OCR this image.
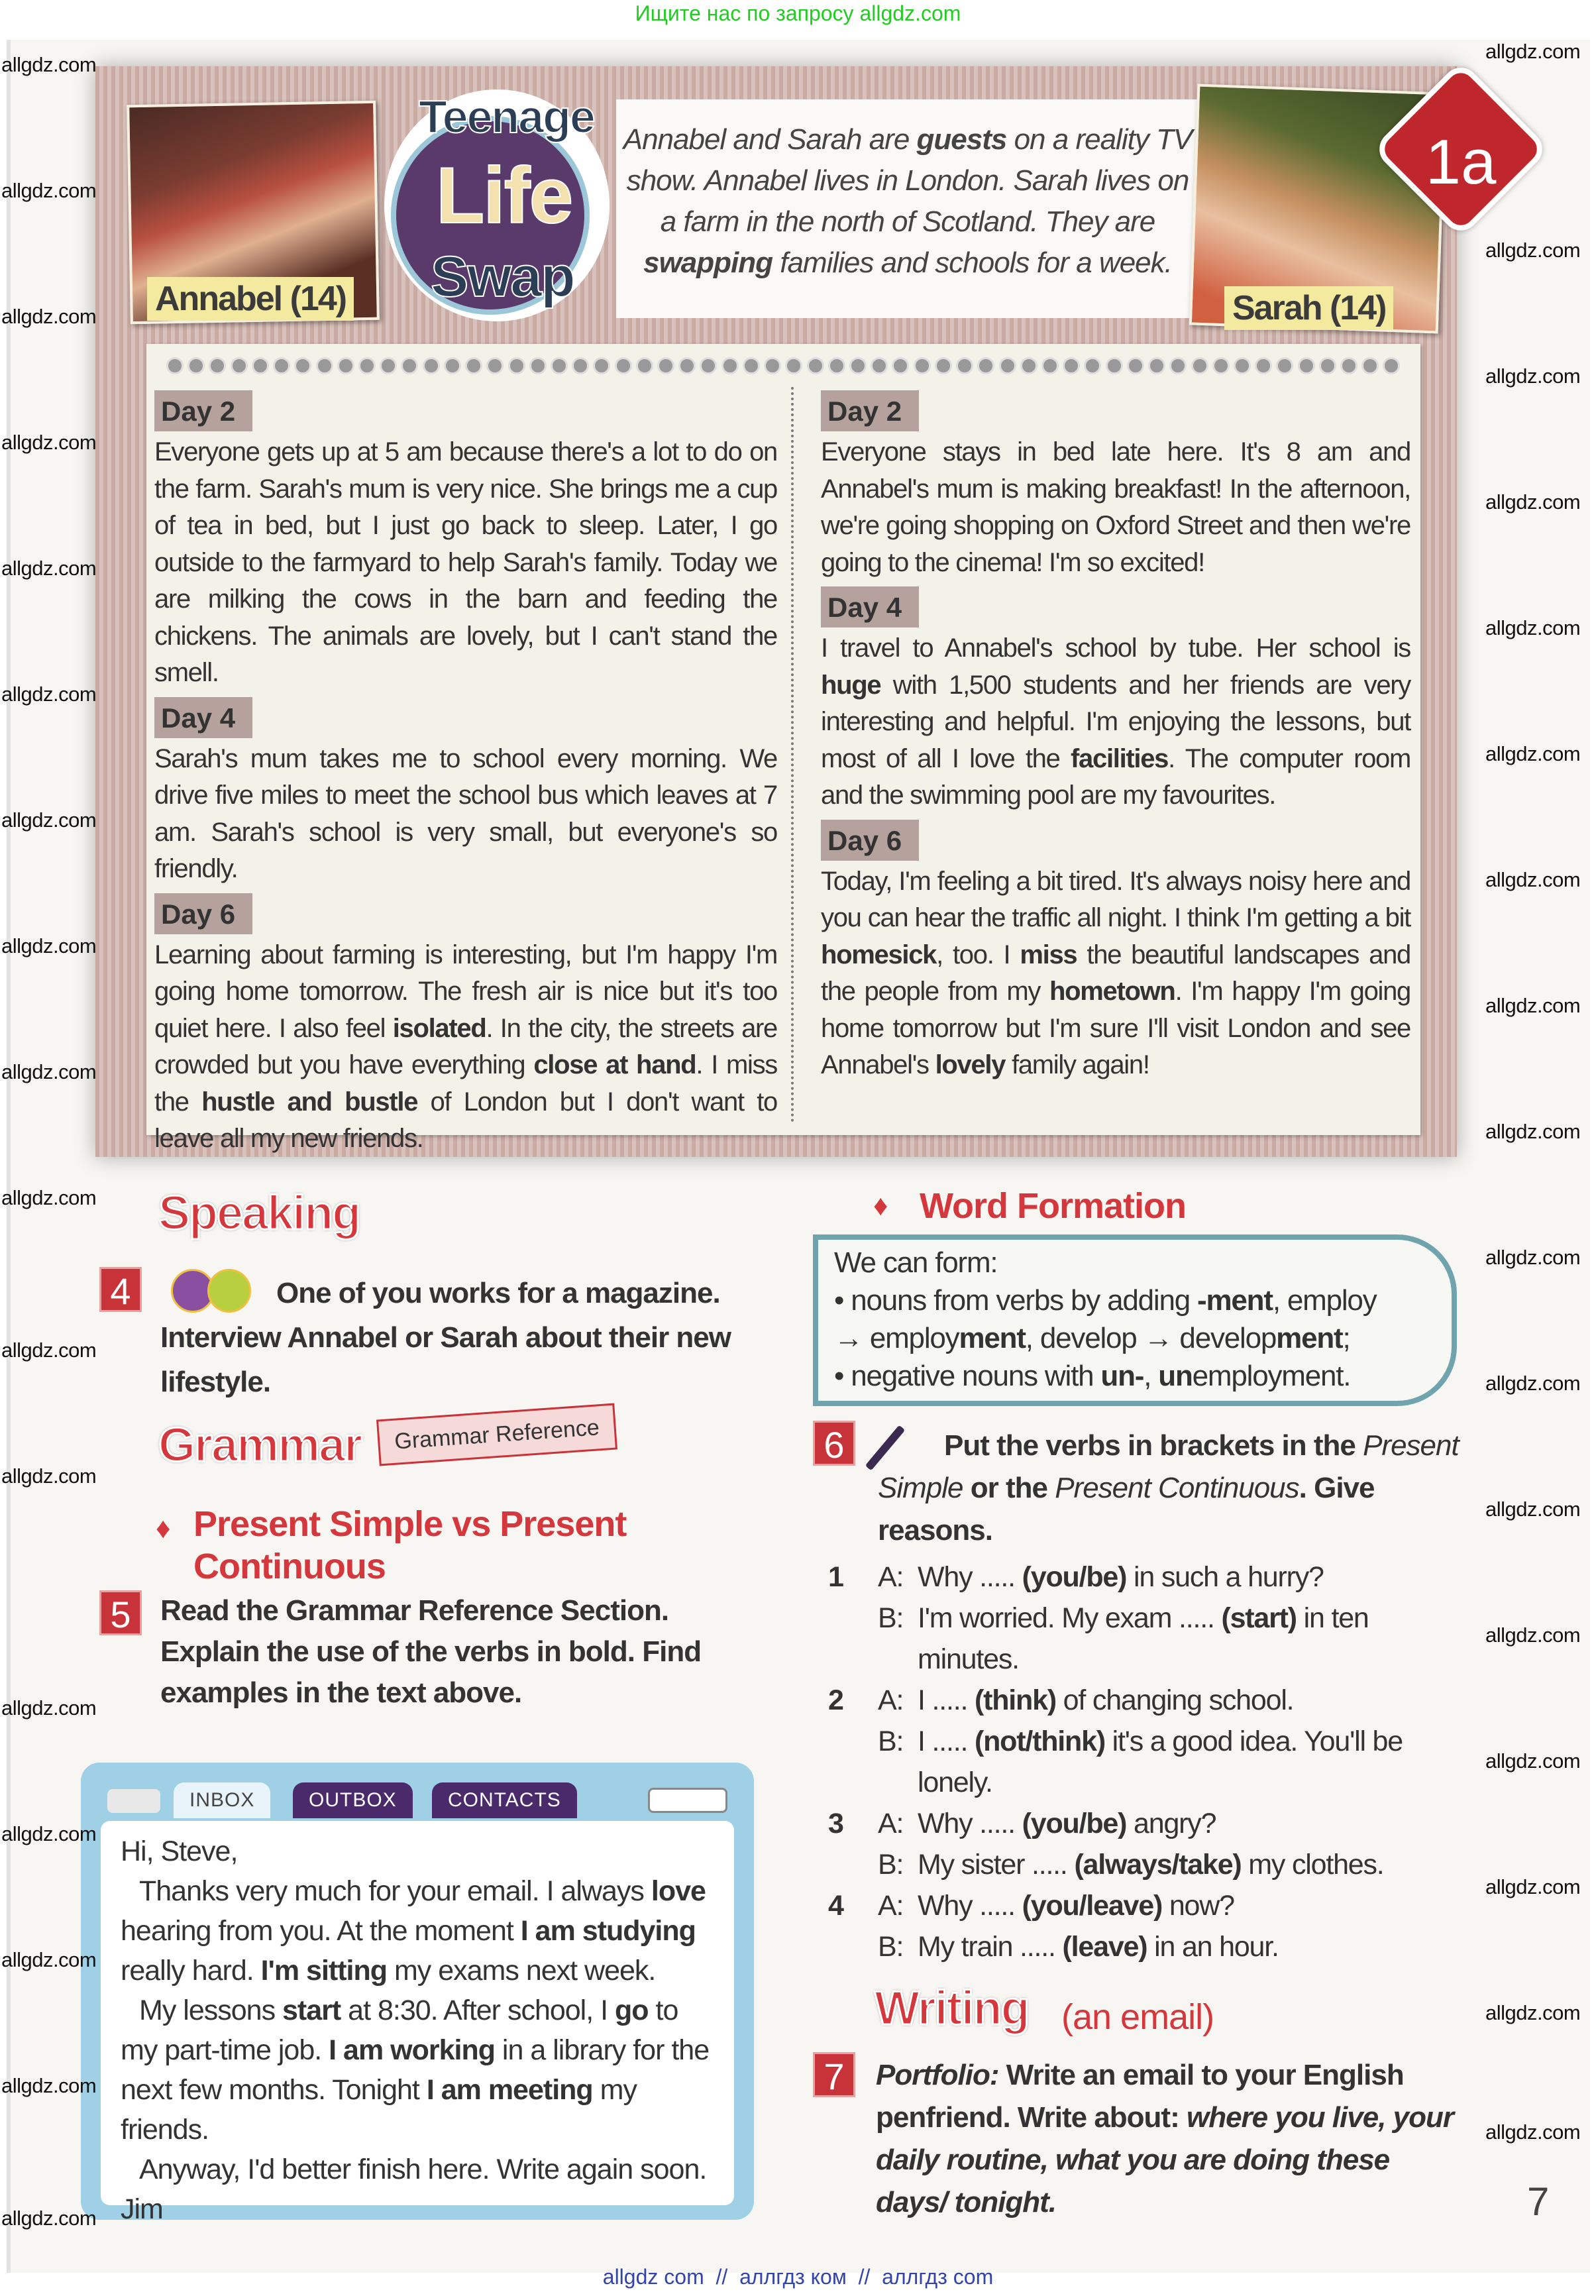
Ищите нас по запросу allgdz.com
Annabel (14)
Teenage
Life
Swap
Annabel and Sarah are guests on a reality TV show. Annabel lives in London. Sarah lives on a farm in the north of Scotland. They are swapping families and schools for a week.
Sarah (14)
1a
Day 2
Everyone gets up at 5 am because there's a lot to do on the farm. Sarah's mum is very nice. She brings me a cup of tea in bed, but I just go back to sleep. Later, I go outside to the farmyard to help Sarah's family. Today we are milking the cows in the barn and feeding the chickens. The animals are lovely, but I can't stand the smell.
Day 4
Sarah's mum takes me to school every morning. We drive five miles to meet the school bus which leaves at 7 am. Sarah's school is very small, but everyone's so friendly.
Day 6
Learning about farming is interesting, but I'm happy I'm going home tomorrow. The fresh air is nice but it's too quiet here. I also feel isolated. In the city, the streets are crowded but you have everything close at hand. I miss the hustle and bustle of London but I don't want to leave all my new friends.
Day 2
Everyone stays in bed late here. It's 8 am and Annabel's mum is making breakfast! In the afternoon, we're going shopping on Oxford Street and then we're going to the cinema! I'm so excited!
Day 4
I travel to Annabel's school by tube. Her school is huge with 1,500 students and her friends are very interesting and helpful. I'm enjoying the lessons, but most of all I love the facilities. The computer room and the swimming pool are my favourites.
Day 6
Today, I'm feeling a bit tired. It's always noisy here and you can hear the traffic all night. I think I'm getting a bit homesick, too. I miss the beautiful landscapes and the people from my hometown. I'm happy I'm going home tomorrow but I'm sure I'll visit London and see Annabel's lovely family again!
Speaking
4	One of you works for a magazine. Interview Annabel or Sarah about their new lifestyle.
Grammar Reference
Grammar
♦ Present Simple vs Present Continuous
5	Read the Grammar Reference Section. Explain the use of the verbs in bold. Find examples in the text above.
INBOX	OUTBOX	CONTACTS
Hi, Steve,
Thanks very much for your email. I always love hearing from you. At the moment I am studying really hard. I'm sitting my exams next week.
My lessons start at 8:30. After school, I go to my part-time job. I am working in a library for the next few months. Tonight I am meeting my friends.
Anyway, I'd better finish here. Write again soon.
Jim
♦ Word Formation
We can form:
• nouns from verbs by adding -ment, employ
→ employment, develop → development;
• negative nouns with un-, unemployment.
6	Put the verbs in brackets in the Present Simple or the Present Continuous. Give reasons.
1	A: Why ..... (you/be) in such a hurry?
B: I'm worried. My exam ..... (start) in ten minutes.
2	A: I ..... (think) of changing school.
B: I ..... (not/think) it's a good idea. You'll be lonely.
3	A: Why ..... (you/be) angry?
B: My sister ..... (always/take) my clothes.
4	A: Why ..... (you/leave) now?
B: My train ..... (leave) in an hour.
Writing (an email)
7	Portfolio: Write an email to your English penfriend. Write about: where you live, your daily routine, what you are doing these days/ tonight.	7
allgdz com  //  аллгдз ком  //  аллгдз com
allgdz.com
allgdz.com
allgdz.com
allgdz.com
allgdz.com
allgdz.com
allgdz.com
allgdz.com
allgdz.com
allgdz.com
allgdz.com
allgdz.com
allgdz.com
allgdz.com
allgdz.com
allgdz.com
allgdz.com
allgdz.com
allgdz.com
allgdz.com
allgdz.com
allgdz.com
allgdz.com
allgdz.com
allgdz.com
allgdz.com
allgdz.com
allgdz.com
allgdz.com
allgdz.com
allgdz.com
allgdz.com
allgdz.com
allgdz.com
